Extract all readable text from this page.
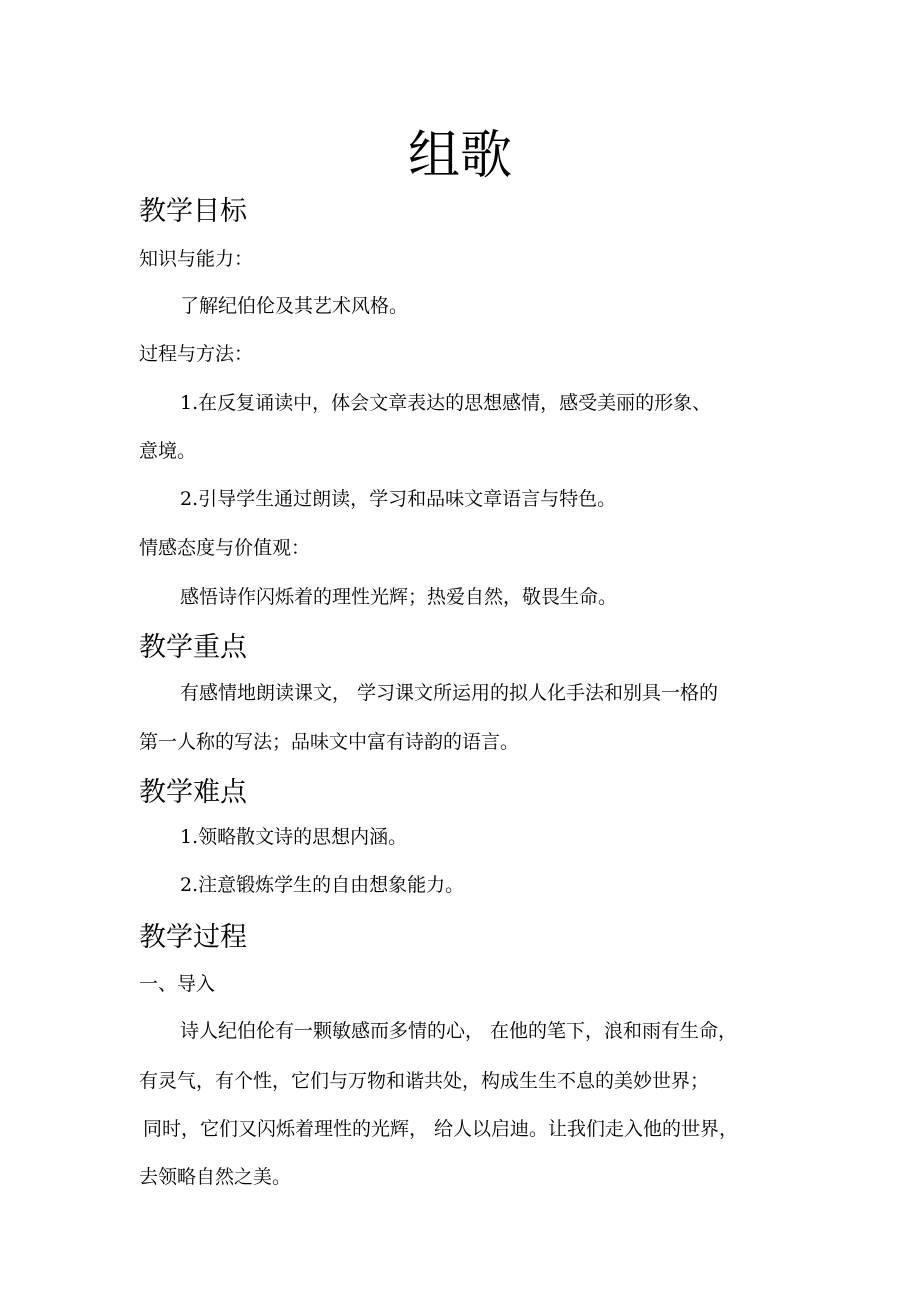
组歌
教学目标
知识与能力：
了解纪伯伦及其艺术风格。
过程与方法：
1.在反复诵读中，体会文章表达的思想感情，感受美丽的形象、
意境。
2.引导学生通过朗读，学习和品味文章语言与特色。
情感态度与价值观：
感悟诗作闪烁着的理性光辉；热爱自然，敬畏生命。
教学重点
有感情地朗读课文， 学习课文所运用的拟人化手法和别具一格的
第一人称的写法；品味文中富有诗韵的语言。
教学难点
1.领略散文诗的思想内涵。
2.注意锻炼学生的自由想象能力。
教学过程
一、导入
诗人纪伯伦有一颗敏感而多情的心， 在他的笔下，浪和雨有生命，
有灵气，有个性，它们与万物和谐共处，构成生生不息的美妙世界；
同时，它们又闪烁着理性的光辉， 给人以启迪。让我们走入他的世界，
去领略自然之美。
